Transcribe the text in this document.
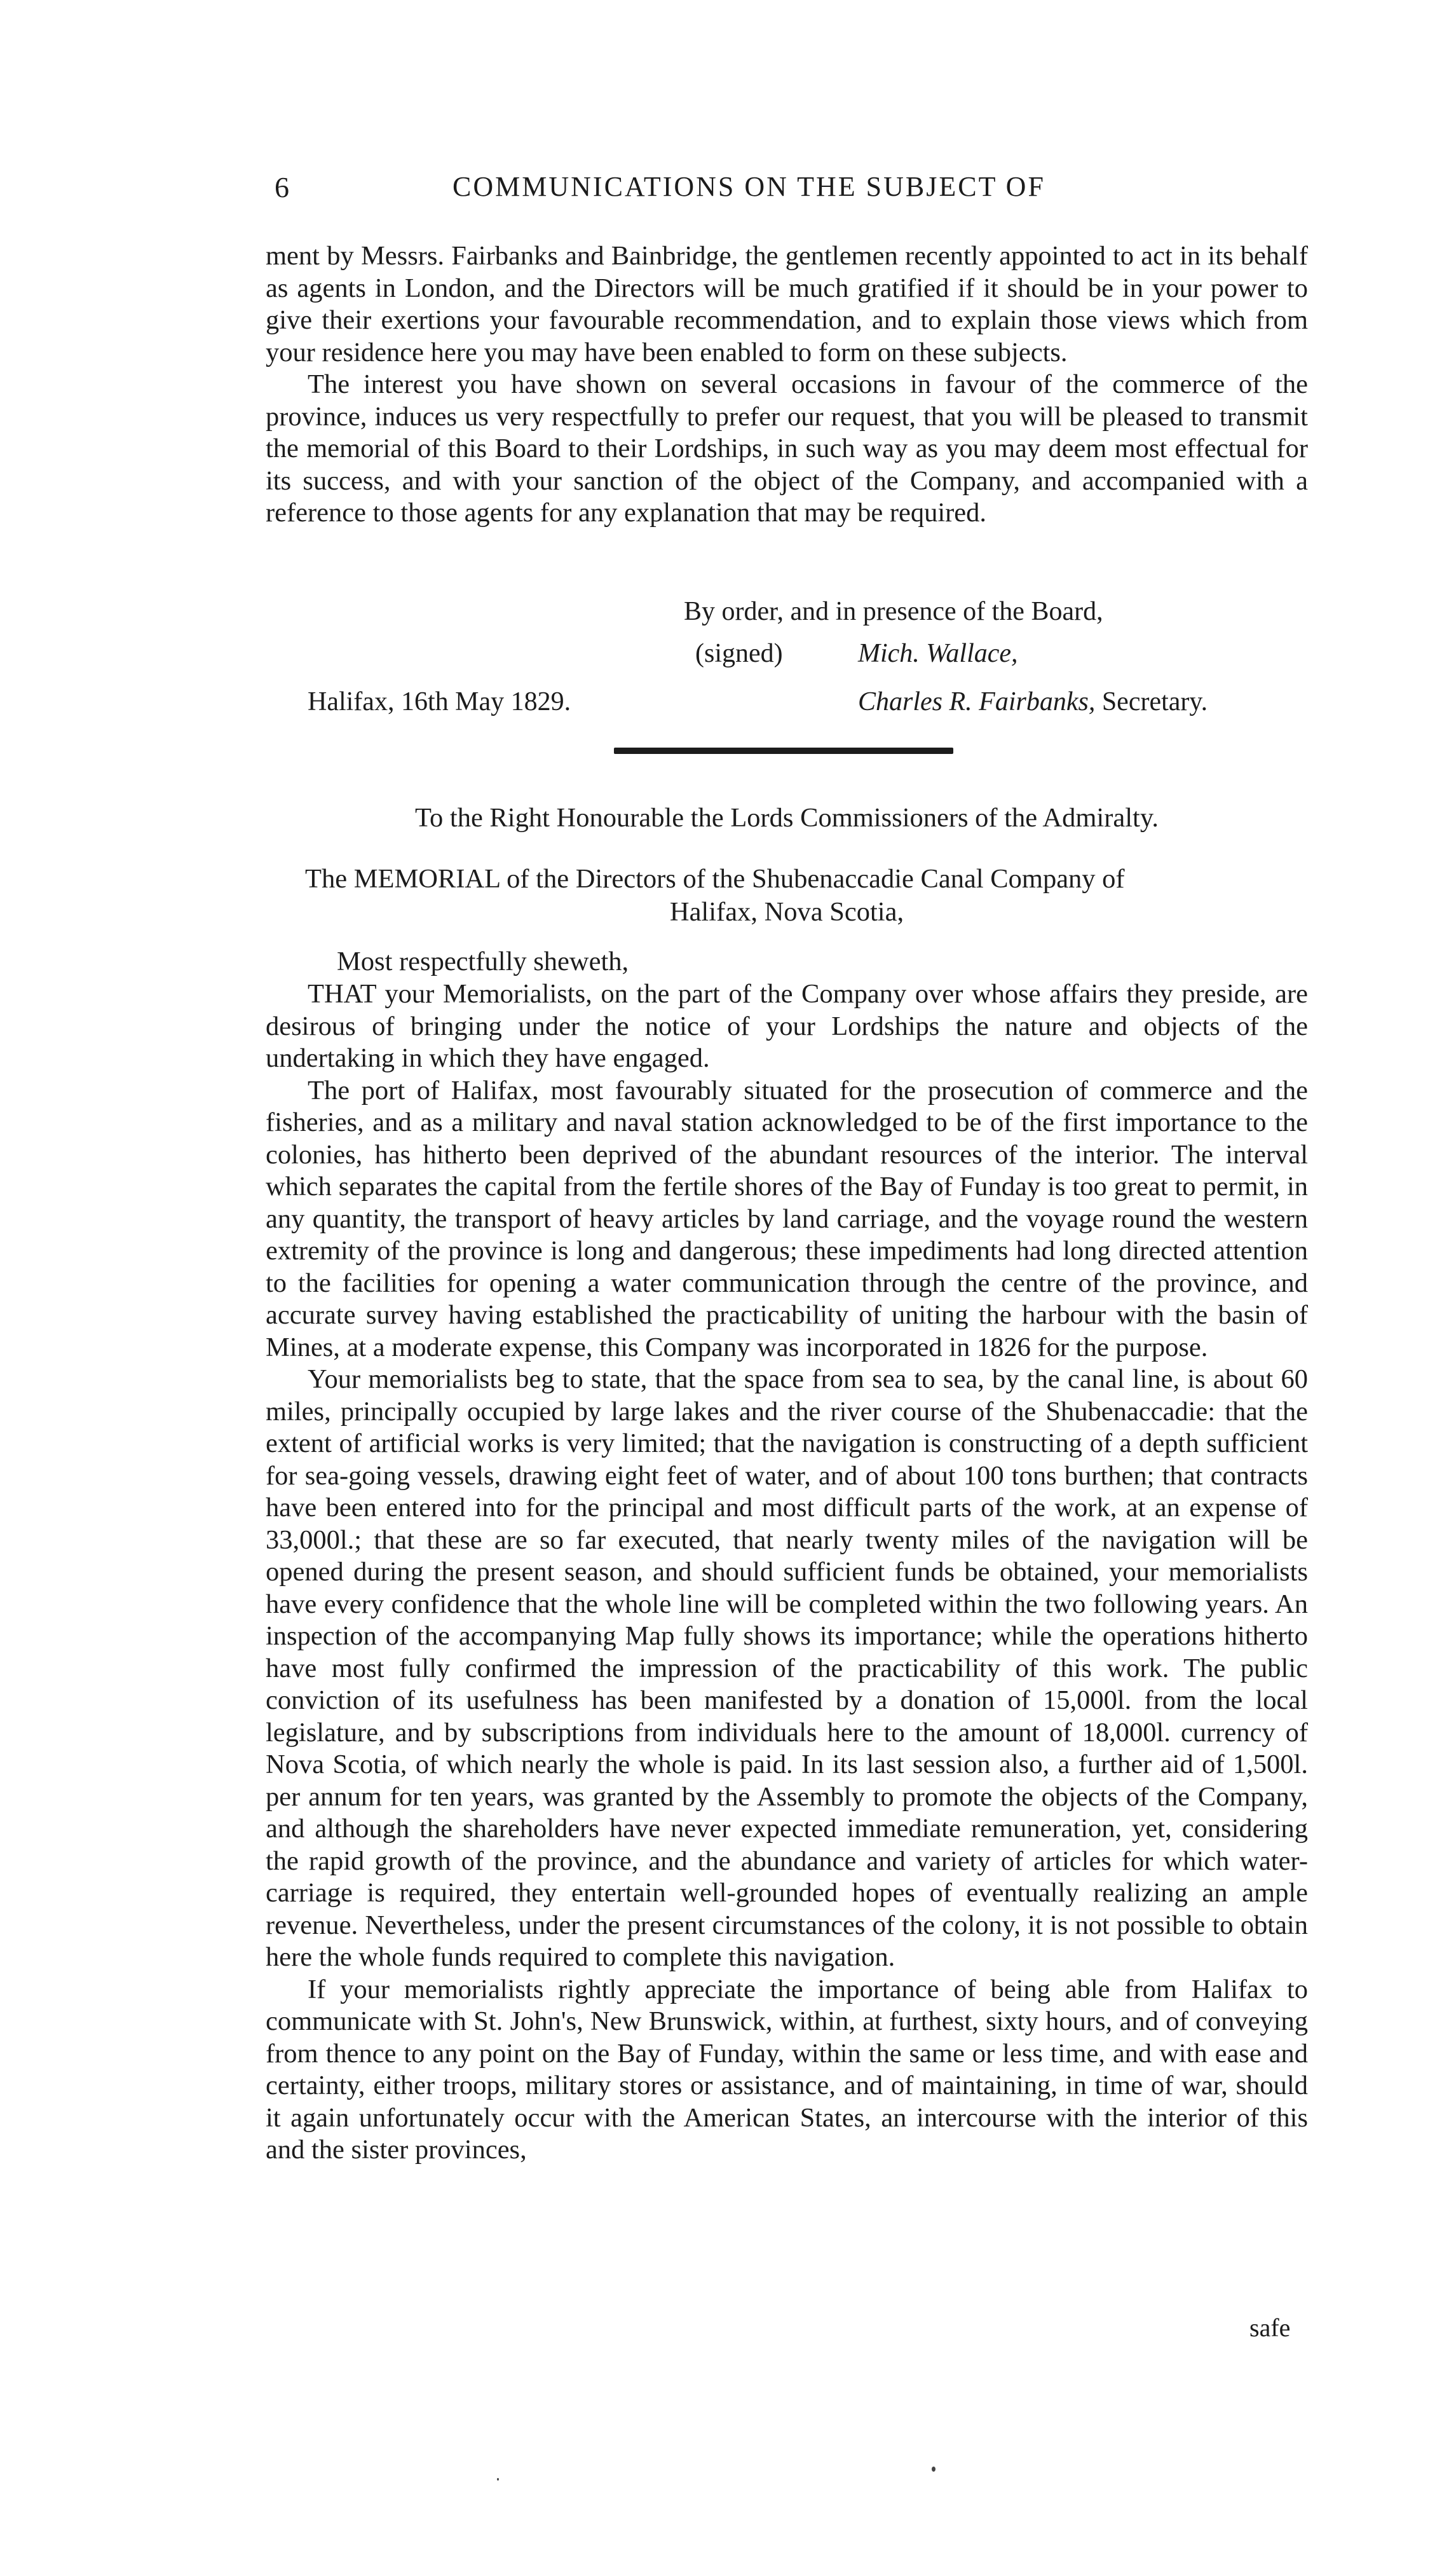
6	COMMUNICATIONS ON THE SUBJECT OF

ment by Messrs. Fairbanks and Bainbridge, the gentlemen recently appointed to act in its behalf as agents in London, and the Directors will be much gratified if it should be in your power to give their exertions your favourable recommendation, and to explain those views which from your residence here you may have been enabled to form on these subjects.

The interest you have shown on several occasions in favour of the commerce of the province, induces us very respectfully to prefer our request, that you will be pleased to transmit the memorial of this Board to their Lordships, in such way as you may deem most effectual for its success, and with your sanction of the object of the Company, and accompanied with a reference to those agents for any explanation that may be required.

By order, and in presence of the Board,
(signed)	Mich. Wallace,
Halifax, 16th May 1829.	Charles R. Fairbanks, Secretary.
To the Right Honourable the Lords Commissioners of the Admiralty.
The MEMORIAL of the Directors of the Shubenaccadie Canal Company of
Halifax, Nova Scotia,
Most respectfully sheweth,

THAT your Memorialists, on the part of the Company over whose affairs they preside, are desirous of bringing under the notice of your Lordships the nature and objects of the undertaking in which they have engaged.

The port of Halifax, most favourably situated for the prosecution of commerce and the fisheries, and as a military and naval station acknowledged to be of the first importance to the colonies, has hitherto been deprived of the abundant resources of the interior. The interval which separates the capital from the fertile shores of the Bay of Funday is too great to permit, in any quantity, the transport of heavy articles by land carriage, and the voyage round the western extremity of the province is long and dangerous; these impediments had long directed attention to the facilities for opening a water communication through the centre of the province, and accurate survey having established the practicability of uniting the harbour with the basin of Mines, at a moderate expense, this Company was incorporated in 1826 for the purpose.

Your memorialists beg to state, that the space from sea to sea, by the canal line, is about 60 miles, principally occupied by large lakes and the river course of the Shubenaccadie: that the extent of artificial works is very limited; that the navigation is constructing of a depth sufficient for sea-going vessels, drawing eight feet of water, and of about 100 tons burthen; that contracts have been entered into for the principal and most difficult parts of the work, at an expense of 33,000l.; that these are so far executed, that nearly twenty miles of the navigation will be opened during the present season, and should sufficient funds be obtained, your memorialists have every confidence that the whole line will be completed within the two following years. An inspection of the accompanying Map fully shows its importance; while the operations hitherto have most fully confirmed the impression of the practicability of this work. The public conviction of its usefulness has been manifested by a donation of 15,000l. from the local legislature, and by subscriptions from individuals here to the amount of 18,000l. currency of Nova Scotia, of which nearly the whole is paid. In its last session also, a further aid of 1,500l. per annum for ten years, was granted by the Assembly to promote the objects of the Company, and although the shareholders have never expected immediate remuneration, yet, considering the rapid growth of the province, and the abundance and variety of articles for which water-carriage is required, they entertain well-grounded hopes of eventually realizing an ample revenue. Nevertheless, under the present circumstances of the colony, it is not possible to obtain here the whole funds required to complete this navigation.

If your memorialists rightly appreciate the importance of being able from Halifax to communicate with St. John's, New Brunswick, within, at furthest, sixty hours, and of conveying from thence to any point on the Bay of Funday, within the same or less time, and with ease and certainty, either troops, military stores or assistance, and of maintaining, in time of war, should it again unfortunately occur with the American States, an intercourse with the interior of this and the sister provinces,

safe
